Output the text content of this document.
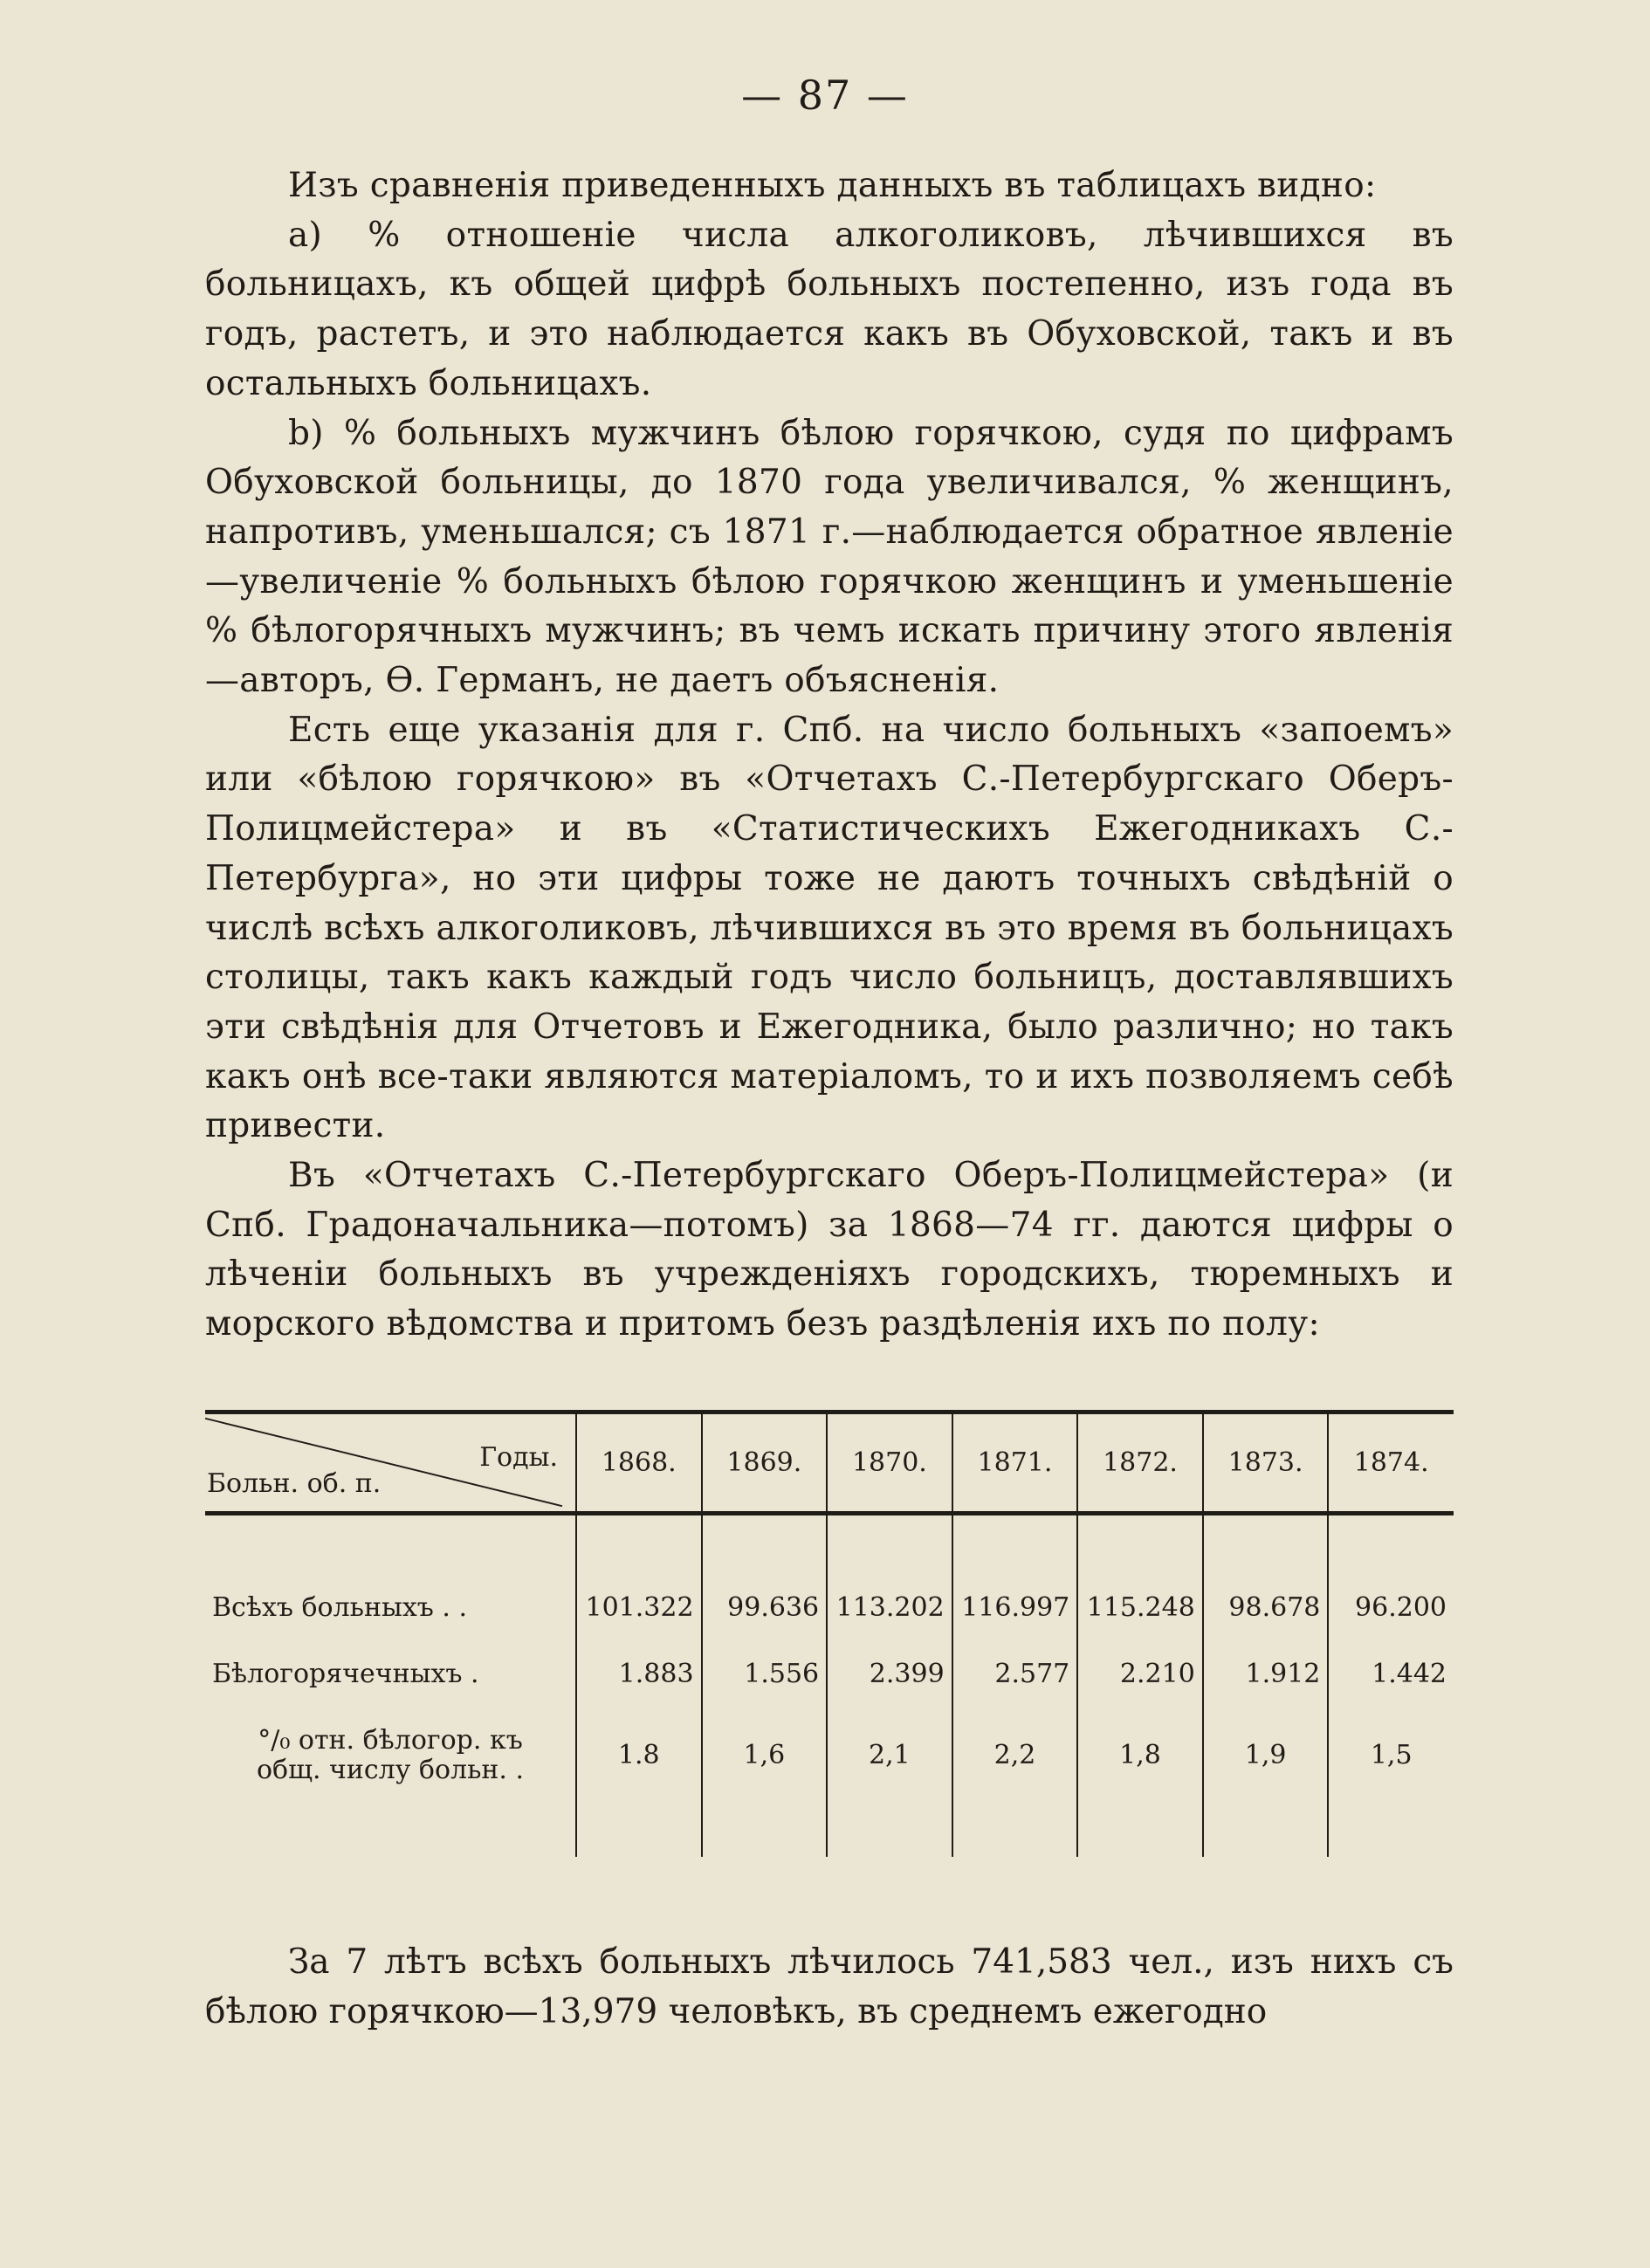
— 87 —

Изъ сравненія приведенныхъ данныхъ въ таблицахъ видно:

a) % отношеніе числа алкоголиковъ, лѣчившихся въ больницахъ, къ общей цифрѣ больныхъ постепенно, изъ года въ годъ, растетъ, и это наблюдается какъ въ Обуховской, такъ и въ остальныхъ больницахъ.

b) % больныхъ мужчинъ бѣлою горячкою, судя по цифрамъ Обуховской больницы, до 1870 года увеличивался, % женщинъ, напротивъ, уменьшался; съ 1871 г.—наблюдается обратное явленіе—увеличеніе % больныхъ бѣлою горячкою женщинъ и уменьшеніе % бѣлогорячныхъ мужчинъ; въ чемъ искать причину этого явленія—авторъ, Ѳ. Германъ, не даетъ объясненія.

Есть еще указанія для г. Спб. на число больныхъ «запоемъ» или «бѣлою горячкою» въ «Отчетахъ С.-Петербургскаго Оберъ-Полицмейстера» и въ «Статистическихъ Ежегодникахъ С.-Петербурга», но эти цифры тоже не даютъ точныхъ свѣдѣній о числѣ всѣхъ алкоголиковъ, лѣчившихся въ это время въ больницахъ столицы, такъ какъ каждый годъ число больницъ, доставлявшихъ эти свѣдѣнія для Отчетовъ и Ежегодника, было различно; но такъ какъ онѣ все-таки являются матеріаломъ, то и ихъ позволяемъ себѣ привести.

Въ «Отчетахъ С.-Петербургскаго Оберъ-Полицмейстера» (и Спб. Градоначальника—потомъ) за 1868—74 гг. даются цифры о лѣченіи больныхъ въ учрежденіяхъ городскихъ, тюремныхъ и морского вѣдомства и притомъ безъ раздѣленія ихъ по полу:

Годы.
Больн. об. п.	1868.	1869.	1870.	1871.	1872.	1873.	1874.

Всѣхъ больныхъ . .	101.322	99.636	113.202	116.997	115.248	98.678	96.200
Бѣлогорячечныхъ .	1.883	1.556	2.399	2.577	2.210	1.912	1.442

°/₀ отн. бѣлогор. къ
общ. числу больн. .	1.8	1,6	2,1	2,2	1,8	1,9	1,5

За 7 лѣтъ всѣхъ больныхъ лѣчилось 741,583 чел., изъ нихъ съ бѣлою горячкою—13,979 человѣкъ, въ среднемъ ежегодно
